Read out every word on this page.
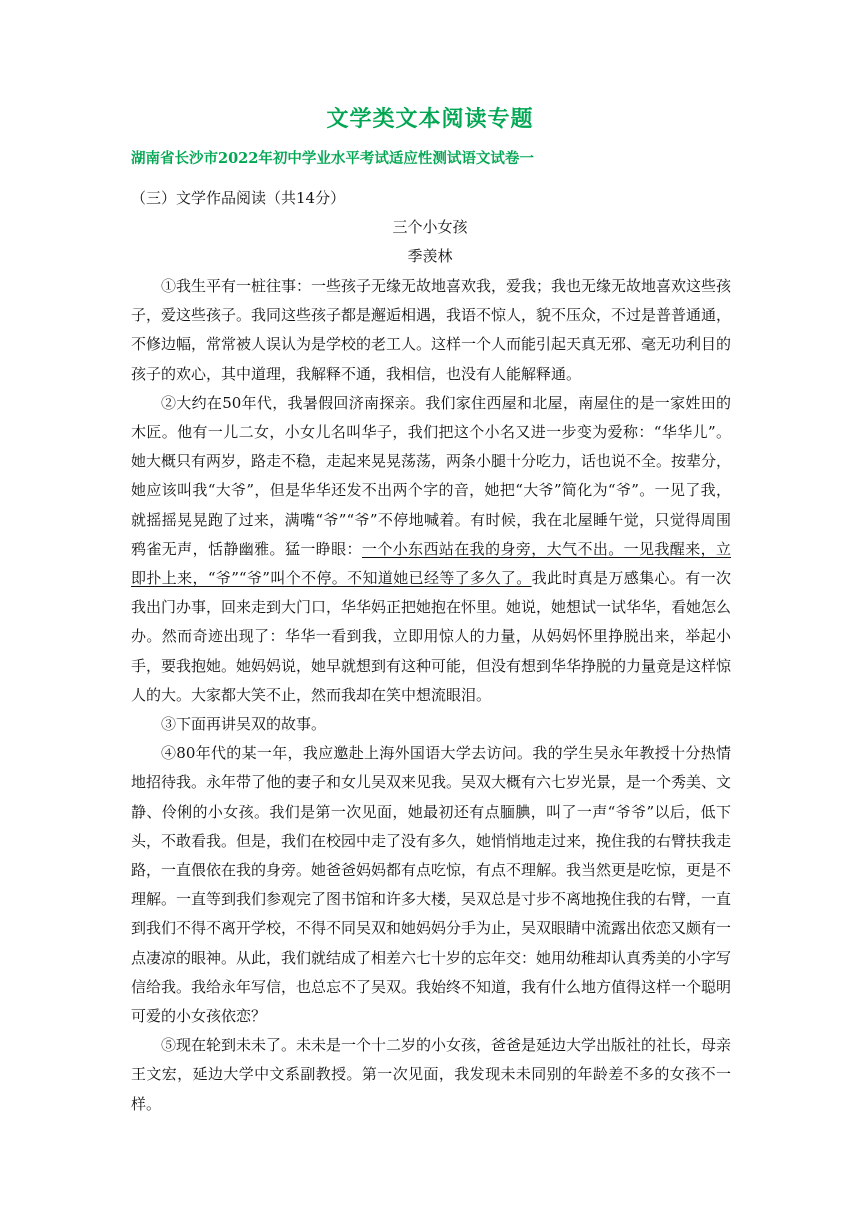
文学类文本阅读专题
湖南省长沙市2022年初中学业水平考试适应性测试语文试卷一
（三）文学作品阅读（共14分）
三个小女孩
季羡林

①我生平有一桩往事：一些孩子无缘无故地喜欢我，爱我；我也无缘无故地喜欢这些孩子，爱这些孩子。我同这些孩子都是邂逅相遇，我语不惊人，貌不压众，不过是普普通通，不修边幅，常常被人误认为是学校的老工人。这样一个人而能引起天真无邪、毫无功利目的孩子的欢心，其中道理，我解释不通，我相信，也没有人能解释通。

②大约在50年代，我暑假回济南探亲。我们家住西屋和北屋，南屋住的是一家姓田的木匠。他有一儿二女，小女儿名叫华子，我们把这个小名又进一步变为爱称：“华华儿”。她大概只有两岁，路走不稳，走起来晃晃荡荡，两条小腿十分吃力，话也说不全。按辈分，她应该叫我“大爷”，但是华华还发不出两个字的音，她把“大爷”简化为“爷”。一见了我，就摇摇晃晃跑了过来，满嘴“爷”“爷”不停地喊着。有时候，我在北屋睡午觉，只觉得周围鸦雀无声，恬静幽雅。猛一睁眼：一个小东西站在我的身旁，大气不出。一见我醒来，立即扑上来，“爷”“爷”叫个不停。不知道她已经等了多久了。我此时真是万感集心。有一次我出门办事，回来走到大门口，华华妈正把她抱在怀里。她说，她想试一试华华，看她怎么办。然而奇迹出现了：华华一看到我，立即用惊人的力量，从妈妈怀里挣脱出来，举起小手，要我抱她。她妈妈说，她早就想到有这种可能，但没有想到华华挣脱的力量竟是这样惊人的大。大家都大笑不止，然而我却在笑中想流眼泪。

③下面再讲吴双的故事。

④80年代的某一年，我应邀赴上海外国语大学去访问。我的学生吴永年教授十分热情地招待我。永年带了他的妻子和女儿吴双来见我。吴双大概有六七岁光景，是一个秀美、文静、伶俐的小女孩。我们是第一次见面，她最初还有点腼腆，叫了一声“爷爷”以后，低下头，不敢看我。但是，我们在校园中走了没有多久，她悄悄地走过来，挽住我的右臂扶我走路，一直偎依在我的身旁。她爸爸妈妈都有点吃惊，有点不理解。我当然更是吃惊，更是不理解。一直等到我们参观完了图书馆和许多大楼，吴双总是寸步不离地挽住我的右臂，一直到我们不得不离开学校，不得不同吴双和她妈妈分手为止，吴双眼睛中流露出依恋又颇有一点凄凉的眼神。从此，我们就结成了相差六七十岁的忘年交：她用幼稚却认真秀美的小字写信给我。我给永年写信，也总忘不了吴双。我始终不知道，我有什么地方值得这样一个聪明可爱的小女孩依恋？

⑤现在轮到未未了。未未是一个十二岁的小女孩，爸爸是延边大学出版社的社长，母亲王文宏，延边大学中文系副教授。第一次见面，我发现未未同别的年龄差不多的女孩不一样。
